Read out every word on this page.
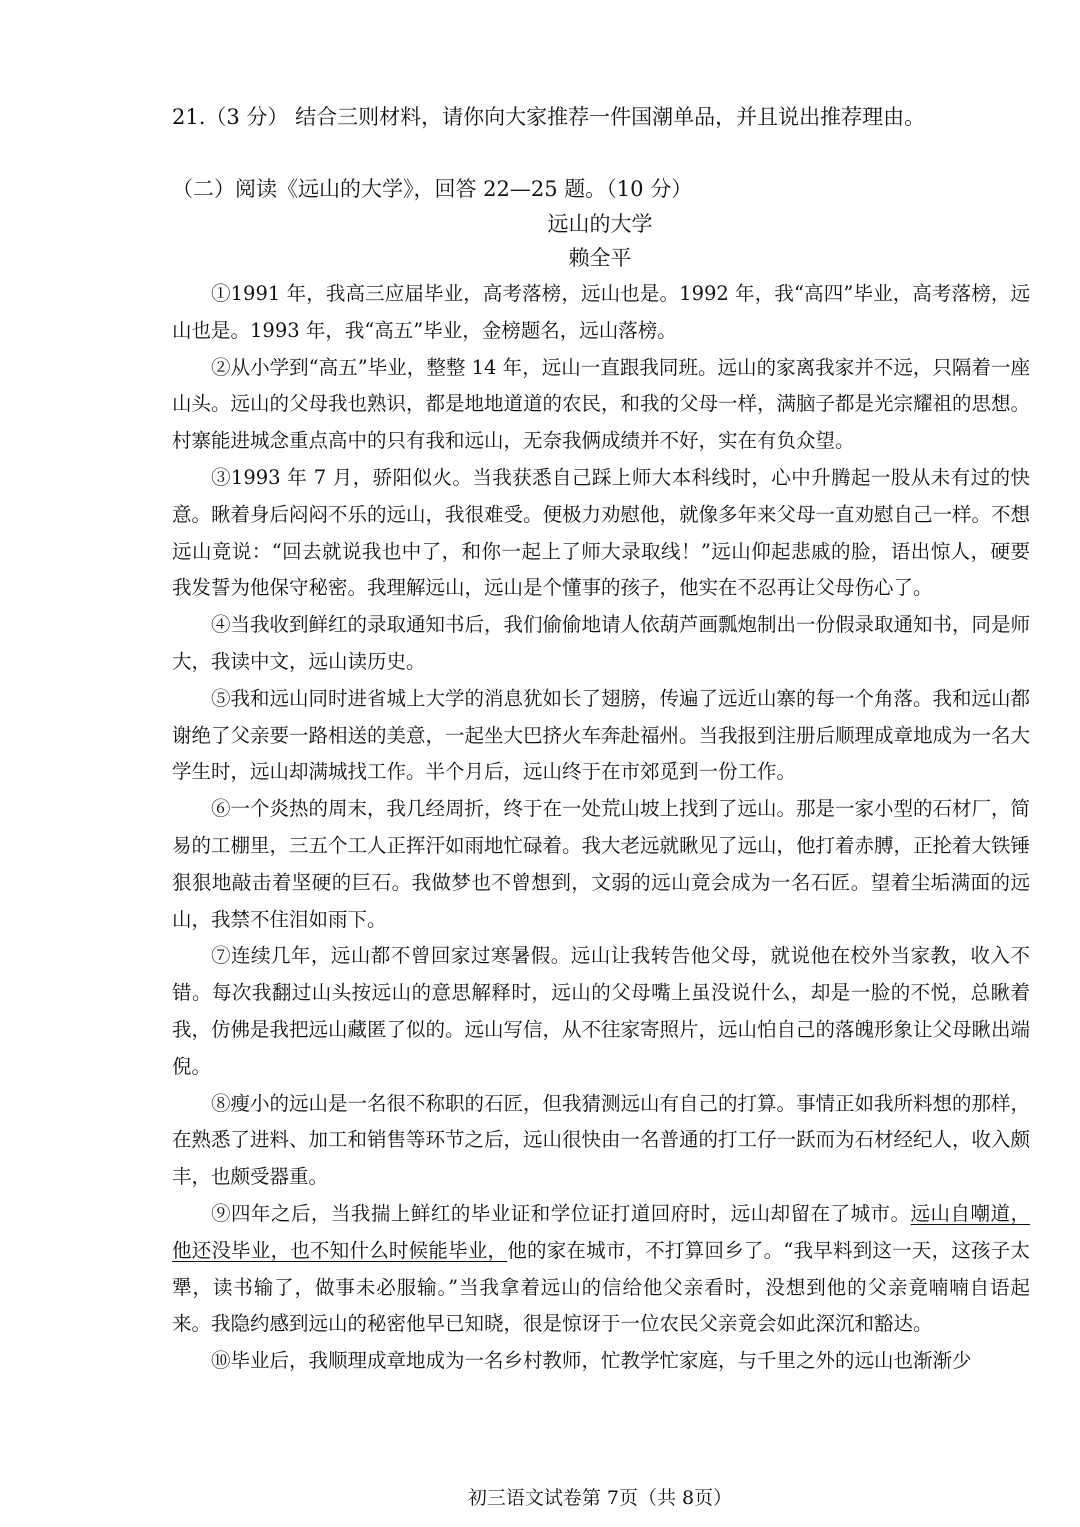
21.（3 分） 结合三则材料，请你向大家推荐一件国潮单品，并且说出推荐理由。
（二）阅读《远山的大学》，回答 22—25 题。（10 分）
远山的大学
赖全平

①1991 年，我高三应届毕业，高考落榜，远山也是。1992 年，我“高四”毕业，高考落榜，远山也是。1993 年，我“高五”毕业，金榜题名，远山落榜。

②从小学到“高五”毕业，整整 14 年，远山一直跟我同班。远山的家离我家并不远，只隔着一座山头。远山的父母我也熟识，都是地地道道的农民，和我的父母一样，满脑子都是光宗耀祖的思想。村寨能进城念重点高中的只有我和远山，无奈我俩成绩并不好，实在有负众望。

③1993 年 7 月，骄阳似火。当我获悉自己踩上师大本科线时，心中升腾起一股从未有过的快意。瞅着身后闷闷不乐的远山，我很难受。便极力劝慰他，就像多年来父母一直劝慰自己一样。不想远山竟说：“回去就说我也中了，和你一起上了师大录取线！”远山仰起悲戚的脸，语出惊人，硬要我发誓为他保守秘密。我理解远山，远山是个懂事的孩子，他实在不忍再让父母伤心了。

④当我收到鲜红的录取通知书后，我们偷偷地请人依葫芦画瓢炮制出一份假录取通知书，同是师大，我读中文，远山读历史。

⑤我和远山同时进省城上大学的消息犹如长了翅膀，传遍了远近山寨的每一个角落。我和远山都谢绝了父亲要一路相送的美意，一起坐大巴挤火车奔赴福州。当我报到注册后顺理成章地成为一名大学生时，远山却满城找工作。半个月后，远山终于在市郊觅到一份工作。

⑥一个炎热的周末，我几经周折，终于在一处荒山坡上找到了远山。那是一家小型的石材厂，简易的工棚里，三五个工人正挥汗如雨地忙碌着。我大老远就瞅见了远山，他打着赤膊，正抡着大铁锤狠狠地敲击着坚硬的巨石。我做梦也不曾想到，文弱的远山竟会成为一名石匠。望着尘垢满面的远山，我禁不住泪如雨下。

⑦连续几年，远山都不曾回家过寒暑假。远山让我转告他父母，就说他在校外当家教，收入不错。每次我翻过山头按远山的意思解释时，远山的父母嘴上虽没说什么，却是一脸的不悦，总瞅着我，仿佛是我把远山藏匿了似的。远山写信，从不往家寄照片，远山怕自己的落魄形象让父母瞅出端倪。

⑧瘦小的远山是一名很不称职的石匠，但我猜测远山有自己的打算。事情正如我所料想的那样，在熟悉了进料、加工和销售等环节之后，远山很快由一名普通的打工仔一跃而为石材经纪人，收入颇丰，也颇受器重。

⑨四年之后，当我揣上鲜红的毕业证和学位证打道回府时，远山却留在了城市。远山自嘲道，他还没毕业，也不知什么时候能毕业，他的家在城市，不打算回乡了。“我早料到这一天，这孩子太犟，读书输了，做事未必服输。”当我拿着远山的信给他父亲看时，没想到他的父亲竟喃喃自语起来。我隐约感到远山的秘密他早已知晓，很是惊讶于一位农民父亲竟会如此深沉和豁达。

⑩毕业后，我顺理成章地成为一名乡村教师，忙教学忙家庭，与千里之外的远山也渐渐少

初三语文试卷第 7页（共 8页）
